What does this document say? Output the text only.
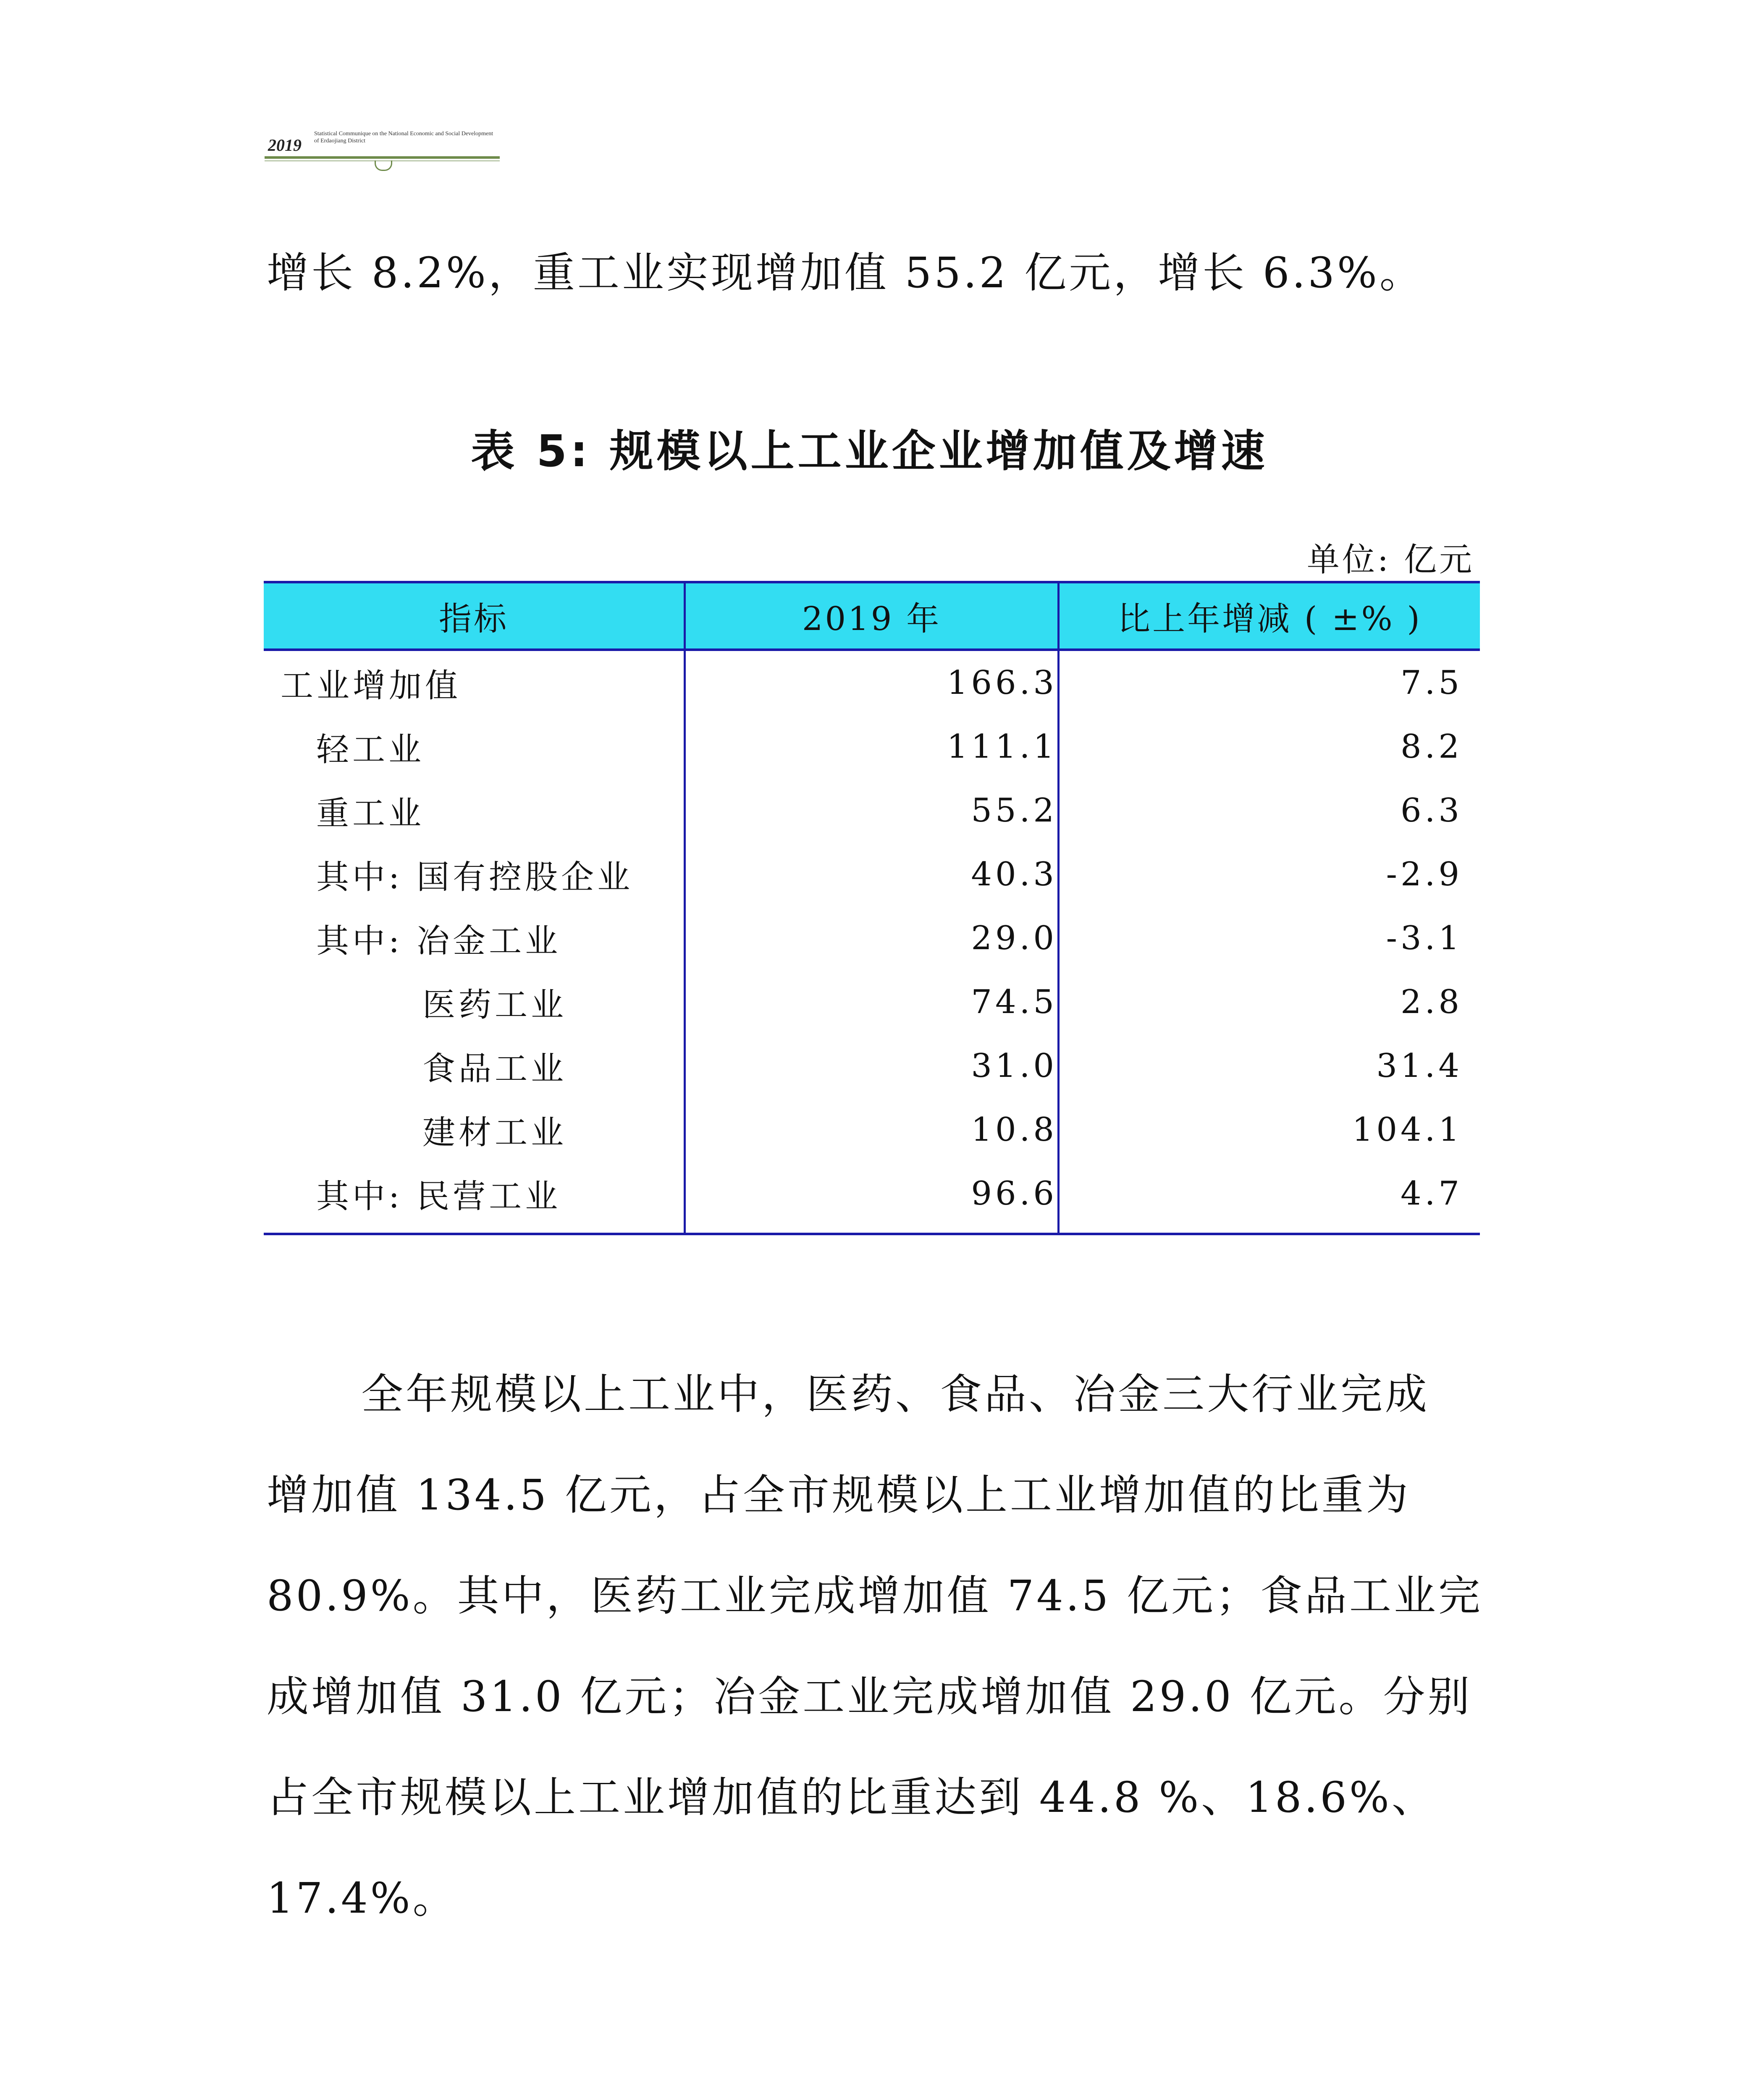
2019
Statistical Communique on the National Economic and Social Development of Erdaojiang District
增长 8.2%，重工业实现增加值 55.2 亿元，增长 6.3%。
表 5: 规模以上工业企业增加值及增速
单位: 亿元
指标	2019 年	比上年增减 ( ±% )
工业增加值	166.3	7.5
轻工业	111.1	8.2
重工业	55.2	6.3
其中: 国有控股企业	40.3	-2.9
其中: 冶金工业	29.0	-3.1
医药工业	74.5	2.8
食品工业	31.0	31.4
建材工业	10.8	104.1
其中: 民营工业	96.6	4.7
全年规模以上工业中，医药、食品、冶金三大行业完成
增加值 134.5 亿元，占全市规模以上工业增加值的比重为
80.9%。其中，医药工业完成增加值 74.5 亿元；食品工业完
成增加值 31.0 亿元；冶金工业完成增加值 29.0 亿元。分别
占全市规模以上工业增加值的比重达到 44.8 %、18.6%、
17.4%。
